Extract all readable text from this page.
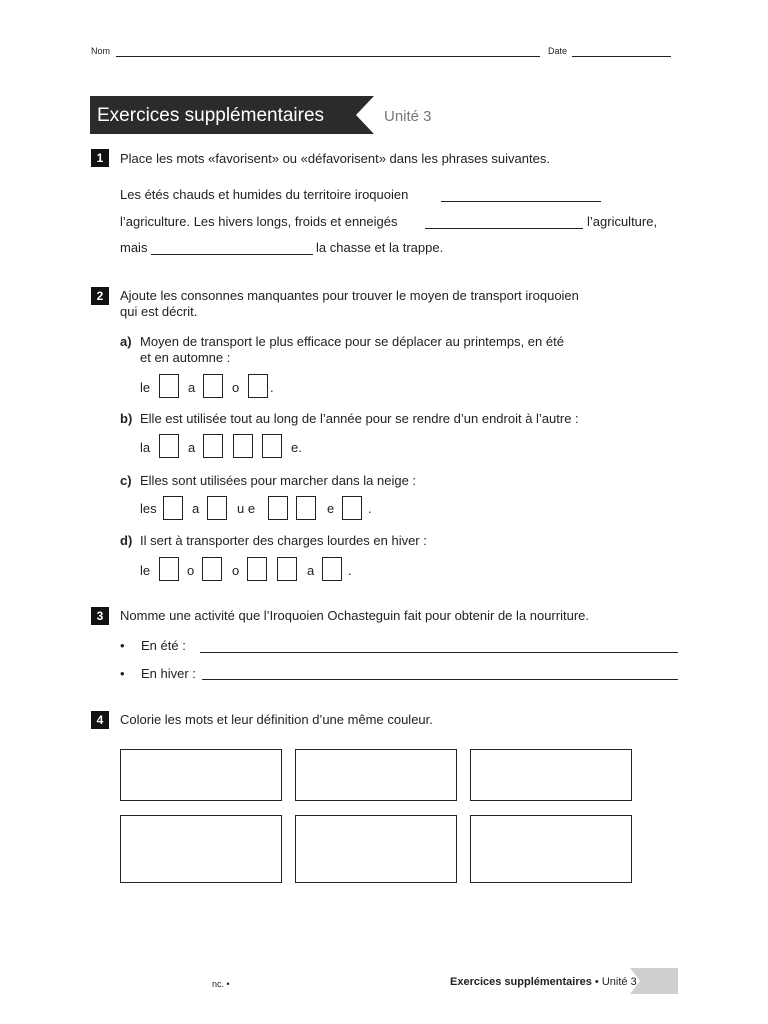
Nom	Date
Exercices supplémentaires	Unité 3
1	Place les mots «favorisent» ou «défavorisent» dans les phrases suivantes.
Les étés chauds et humides du territoire iroquoien
l’agriculture. Les hivers longs, froids et enneigés	l’agriculture,
mais	la chasse et la trappe.
2	Ajoute les consonnes manquantes pour trouver le moyen de transport iroquoien
qui est décrit.
a) Moyen de transport le plus efficace pour se déplacer au printemps, en été
et en automne :
le	a	o .
b) Elle est utilisée tout au long de l’année pour se rendre d’un endroit à l’autre :
la	a	e.
c) Elles sont utilisées pour marcher dans la neige :
les	a	u e	e	.
d) Il sert à transporter des charges lourdes en hiver :
le	o	o	a	.
3	Nomme une activité que l’Iroquoien Ochasteguin fait pour obtenir de la nourriture.
• En été :
• En hiver :
4	Colorie les mots et leur définition d’une même couleur.
nc. •	Exercices supplémentaires • Unité 3
